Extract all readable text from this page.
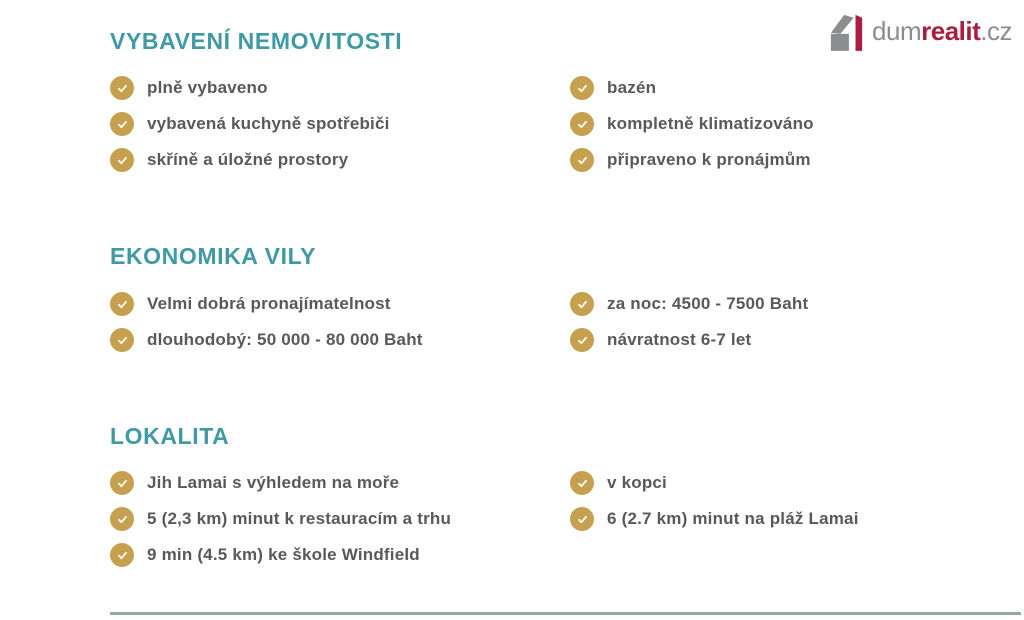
dumrealit.cz
VYBAVENÍ NEMOVITOSTI
plně vybaveno
vybavená kuchyně spotřebiči
skříně a úložné prostory
bazén
kompletně klimatizováno
připraveno k pronájmům
EKONOMIKA VILY
Velmi dobrá pronajímatelnost
dlouhodobý: 50 000 - 80 000 Baht
za noc: 4500 - 7500 Baht
návratnost 6-7 let
LOKALITA
Jih Lamai s výhledem na moře
5 (2,3 km) minut k restauracím a trhu
9 min (4.5 km) ke škole Windfield
v kopci
6 (2.7 km) minut na pláž Lamai
